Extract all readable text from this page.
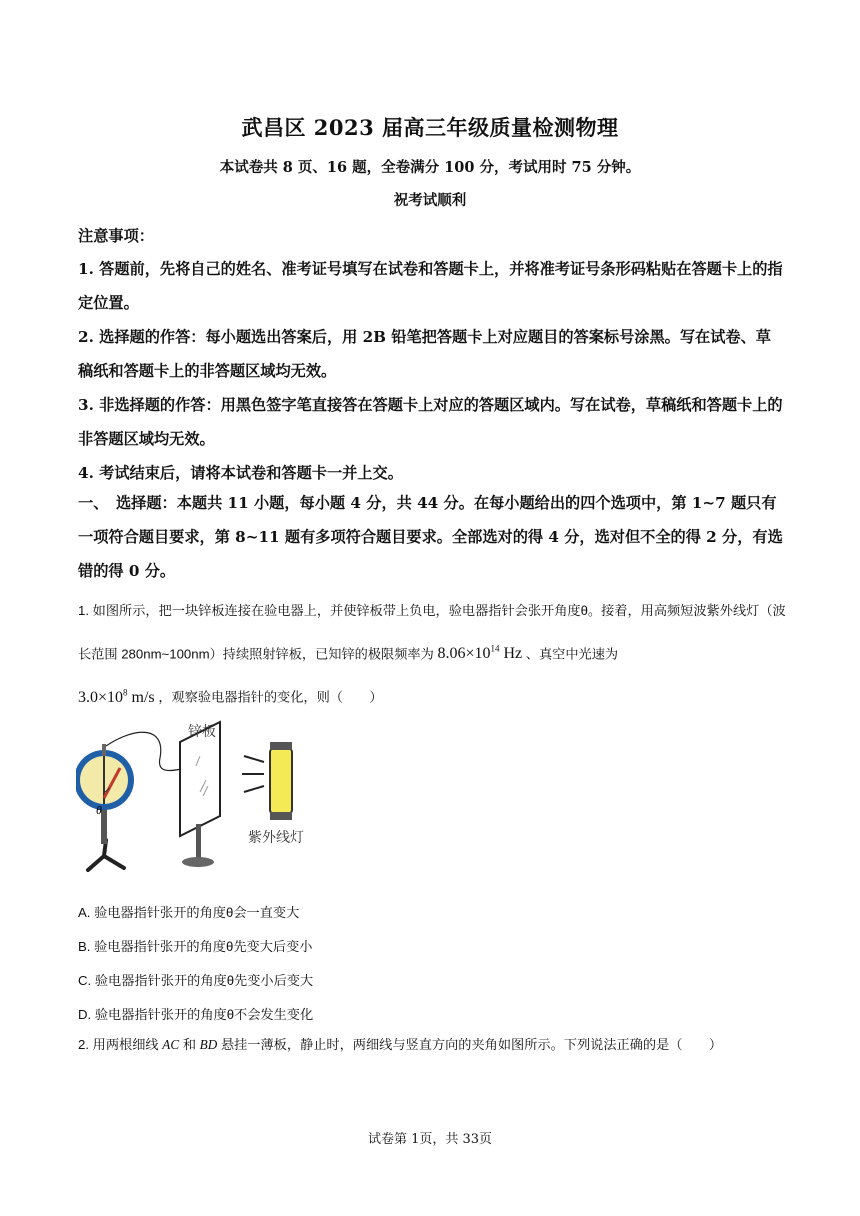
武昌区 2023 届高三年级质量检测物理
本试卷共 8 页、16 题，全卷满分 100 分，考试用时 75 分钟。
祝考试顺利
注意事项：

1. 答题前，先将自己的姓名、准考证号填写在试卷和答题卡上，并将准考证号条形码粘贴在答题卡上的指定位置。

2. 选择题的作答：每小题选出答案后，用 2B 铅笔把答题卡上对应题目的答案标号涂黑。写在试卷、草稿纸和答题卡上的非答题区域均无效。

3. 非选择题的作答：用黑色签字笔直接答在答题卡上对应的答题区域内。写在试卷，草稿纸和答题卡上的非答题区域均无效。

4. 考试结束后，请将本试卷和答题卡一并上交。

一、　选择题：本题共 11 小题，每小题 4 分，共 44 分。在每小题给出的四个选项中，第 1~7 题只有一项符合题目要求，第 8~11 题有多项符合题目要求。全部选对的得 4 分，选对但不全的得 2 分，有选错的得 0 分。

1. 如图所示，把一块锌板连接在验电器上，并使锌板带上负电，验电器指针会张开角度θ。接着，用高频短波紫外线灯（波长范围 280nm~100nm）持续照射锌板，已知锌的极限频率为 $8.06\times 10^{14}$ Hz 、真空中光速为
$3.0\times 10^8$ m/s ，观察验电器指针的变化，则（　　）
θ
锌板
紫外线灯
A. 验电器指针张开的角度θ会一直变大
B. 验电器指针张开的角度θ先变大后变小
C. 验电器指针张开的角度θ先变小后变大
D. 验电器指针张开的角度θ不会发生变化
2. 用两根细线 AC 和 BD 悬挂一薄板，静止时，两细线与竖直方向的夹角如图所示。下列说法正确的是（　　）
试卷第 1页，共 33页
